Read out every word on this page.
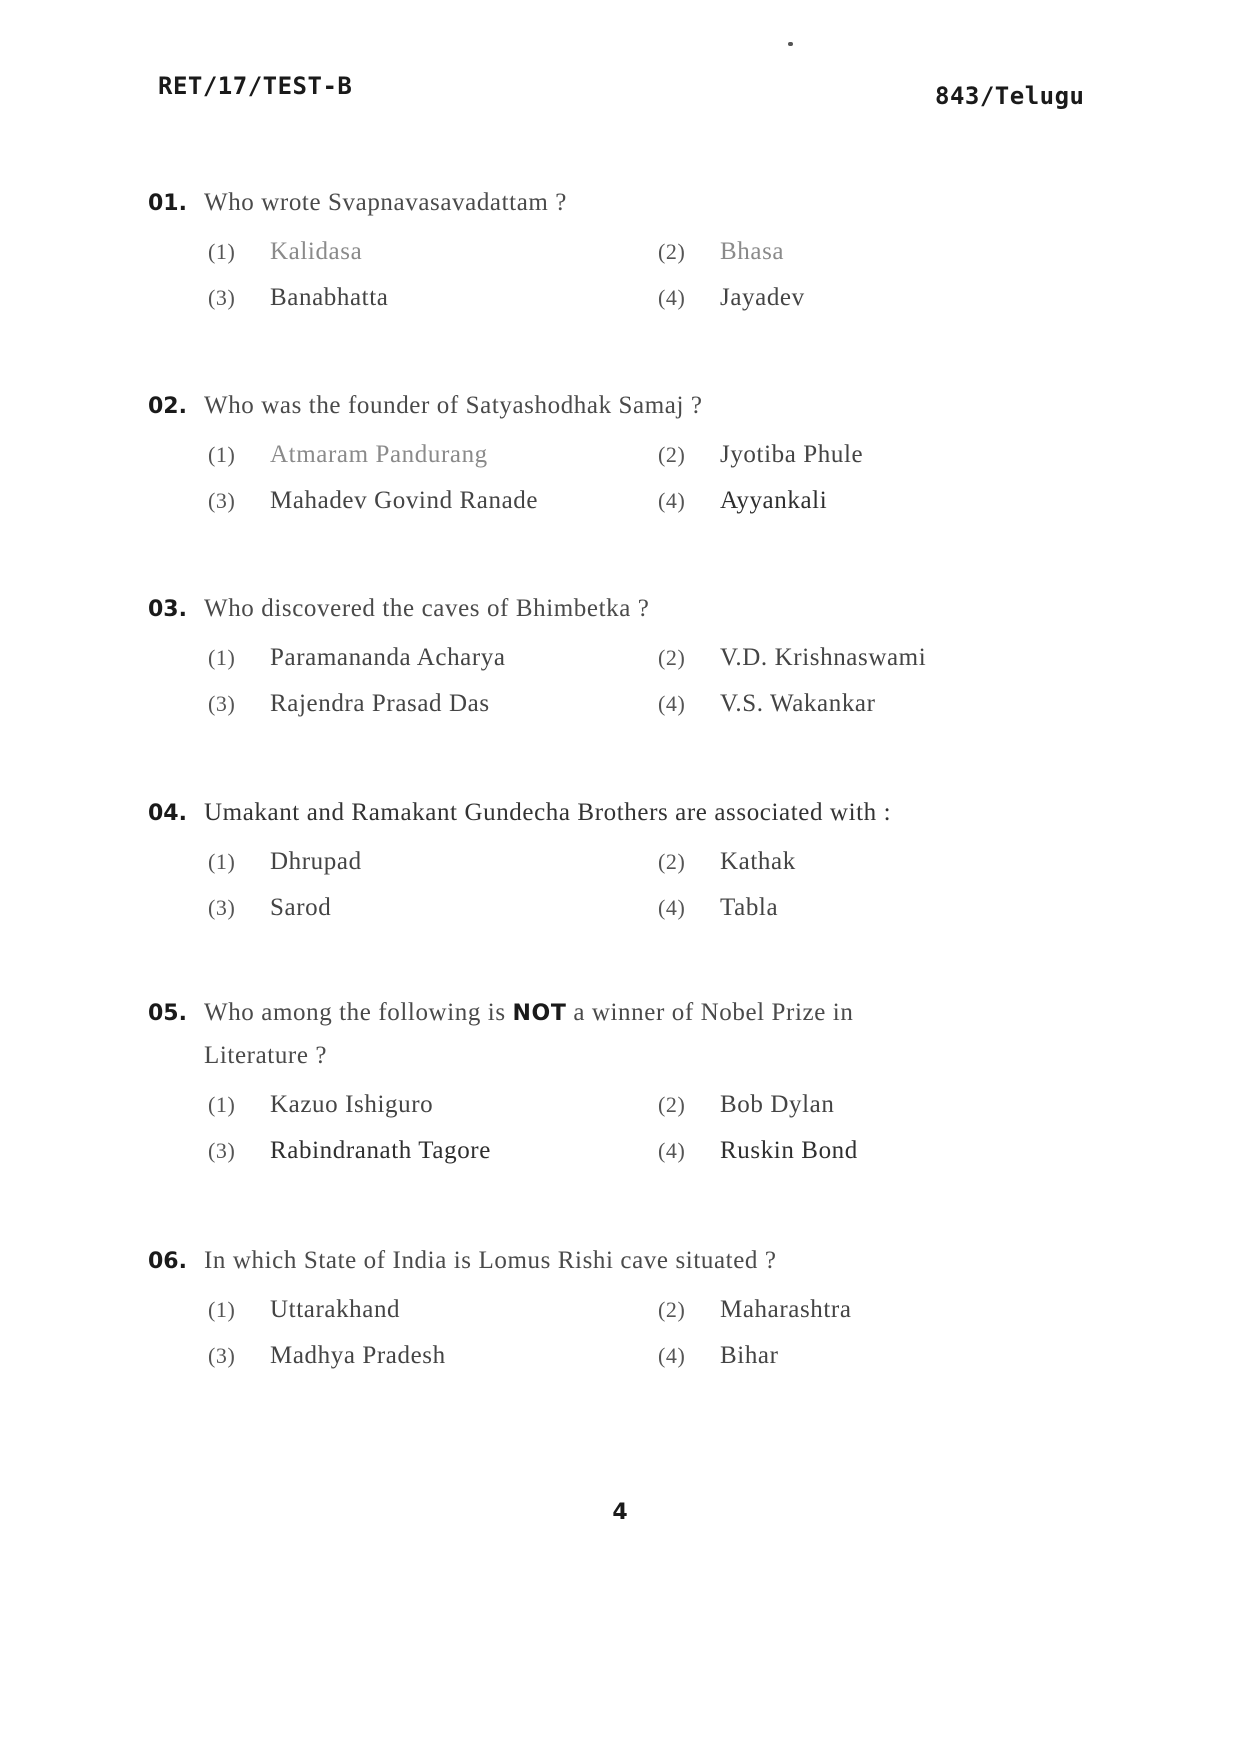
RET/17/TEST-B	843/Telugu
01. Who wrote Svapnavasavadattam ?
(1)	Kalidasa	(2)	Bhasa
(3)	Banabhatta	(4)	Jayadev
02. Who was the founder of Satyashodhak Samaj ?
(1)	Atmaram Pandurang	(2)	Jyotiba Phule
(3)	Mahadev Govind Ranade	(4)	Ayyankali
03. Who discovered the caves of Bhimbetka ?
(1)	Paramananda Acharya	(2)	V.D. Krishnaswami
(3)	Rajendra Prasad Das	(4)	V.S. Wakankar
04. Umakant and Ramakant Gundecha Brothers are associated with :
(1)	Dhrupad	(2)	Kathak
(3)	Sarod	(4)	Tabla
05. Who among the following is NOT a winner of Nobel Prize in
Literature ?
(1)	Kazuo Ishiguro	(2)	Bob Dylan
(3)	Rabindranath Tagore	(4)	Ruskin Bond
06. In which State of India is Lomus Rishi cave situated ?
(1)	Uttarakhand	(2)	Maharashtra
(3)	Madhya Pradesh	(4)	Bihar
4
